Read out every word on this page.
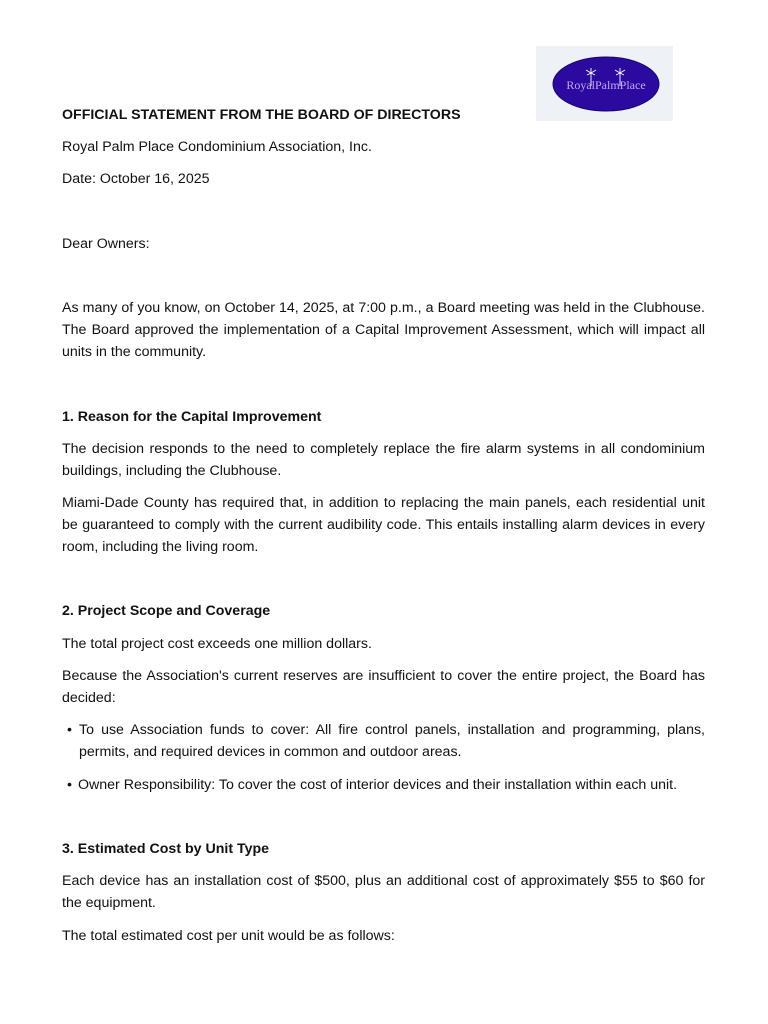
RoyalPalmPlace

OFFICIAL STATEMENT FROM THE BOARD OF DIRECTORS

Royal Palm Place Condominium Association, Inc.

Date: October 16, 2025

Dear Owners:

As many of you know, on October 14, 2025, at 7:00 p.m., a Board meeting was held in the Clubhouse. The Board approved the implementation of a Capital Improvement Assessment, which will impact all units in the community.

1. Reason for the Capital Improvement

The decision responds to the need to completely replace the fire alarm systems in all condominium buildings, including the Clubhouse.

Miami-Dade County has required that, in addition to replacing the main panels, each residential unit be guaranteed to comply with the current audibility code. This entails installing alarm devices in every room, including the living room.

2. Project Scope and Coverage

The total project cost exceeds one million dollars.

Because the Association's current reserves are insufficient to cover the entire project, the Board has decided:

• To use Association funds to cover: All fire control panels, installation and programming, plans, permits, and required devices in common and outdoor areas.
• Owner Responsibility: To cover the cost of interior devices and their installation within each unit.

3. Estimated Cost by Unit Type

Each device has an installation cost of $500, plus an additional cost of approximately $55 to $60 for the equipment.

The total estimated cost per unit would be as follows:
